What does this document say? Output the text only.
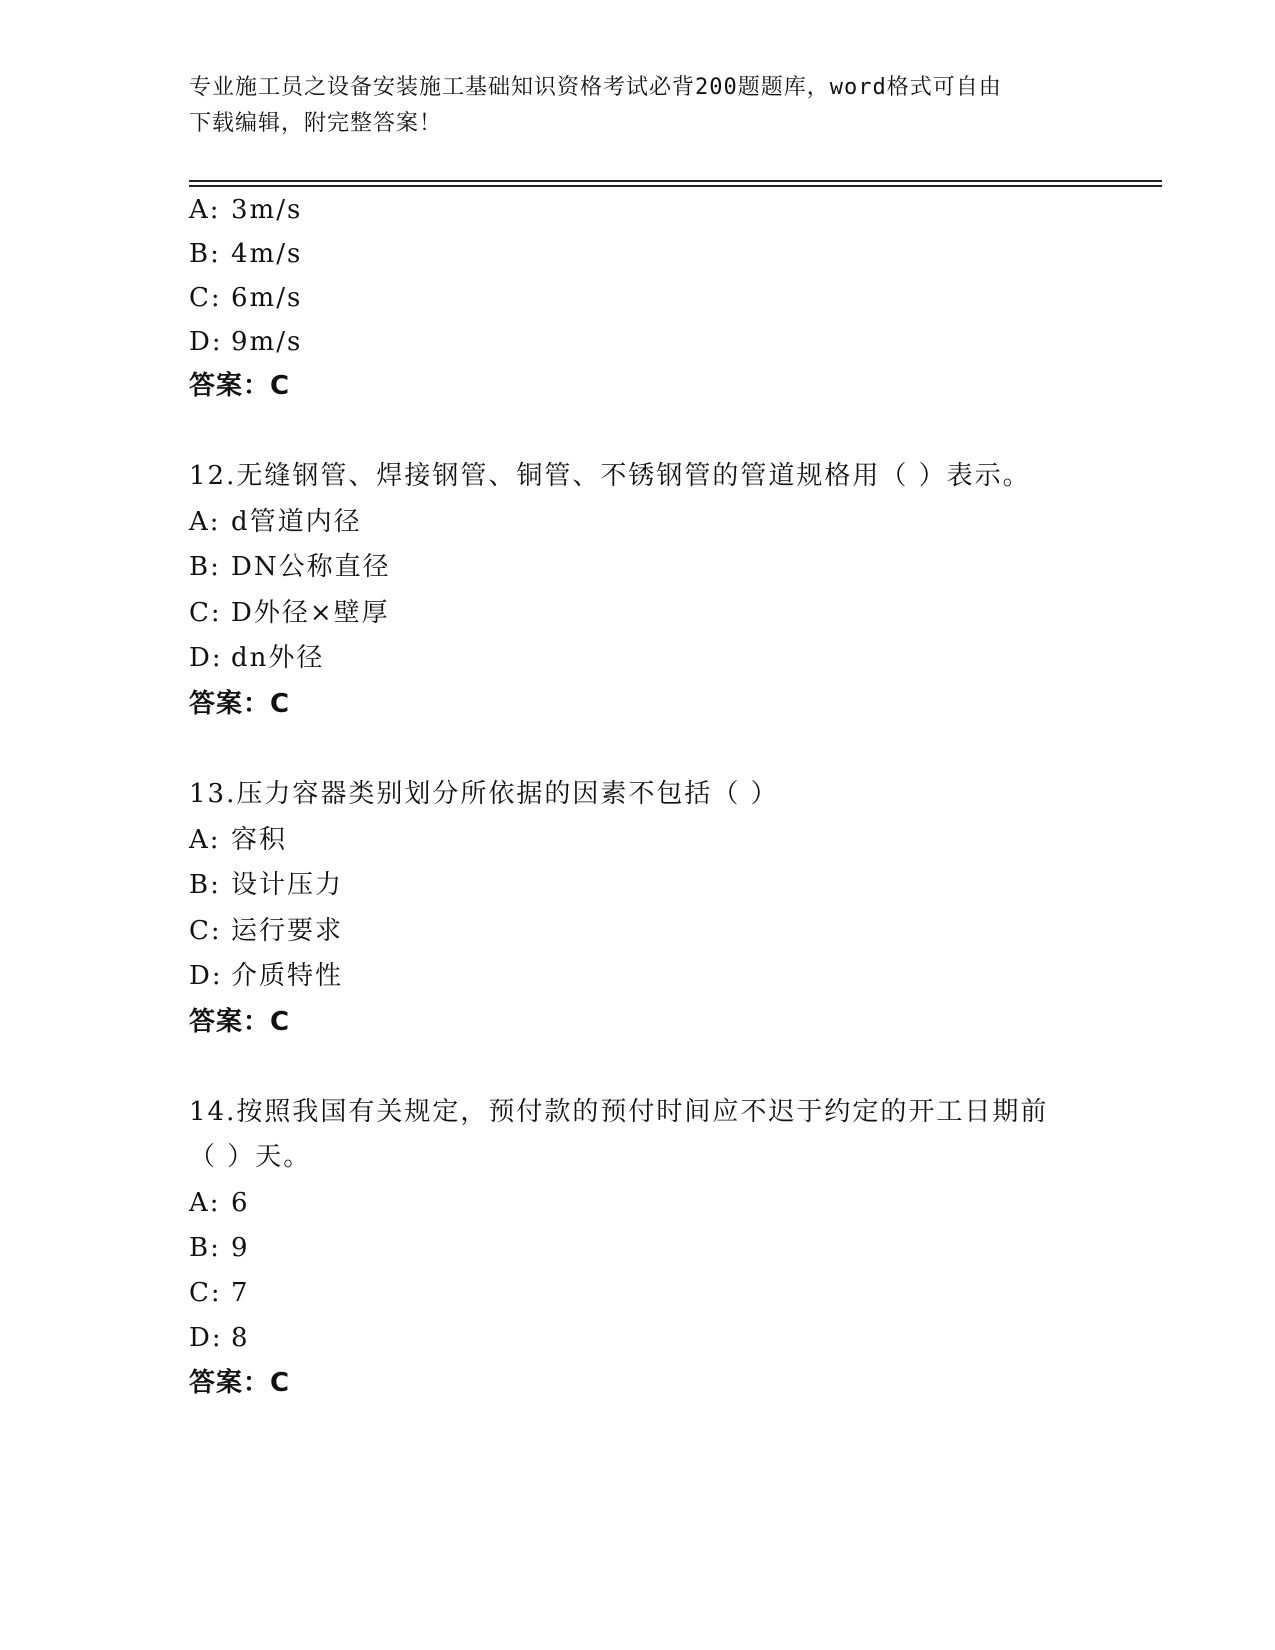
专业施工员之设备安装施工基础知识资格考试必背200题题库，word格式可自由
下载编辑，附完整答案！
A: 3m/s
B: 4m/s
C: 6m/s
D: 9m/s
答案：C
12.无缝钢管、焊接钢管、铜管、不锈钢管的管道规格用（ ）表示。
A: d管道内径
B: DN公称直径
C: D外径×壁厚
D: dn外径
答案：C
13.压力容器类别划分所依据的因素不包括（ ）
A: 容积
B: 设计压力
C: 运行要求
D: 介质特性
答案：C
14.按照我国有关规定，预付款的预付时间应不迟于约定的开工日期前
（ ）天。
A: 6
B: 9
C: 7
D: 8
答案：C
